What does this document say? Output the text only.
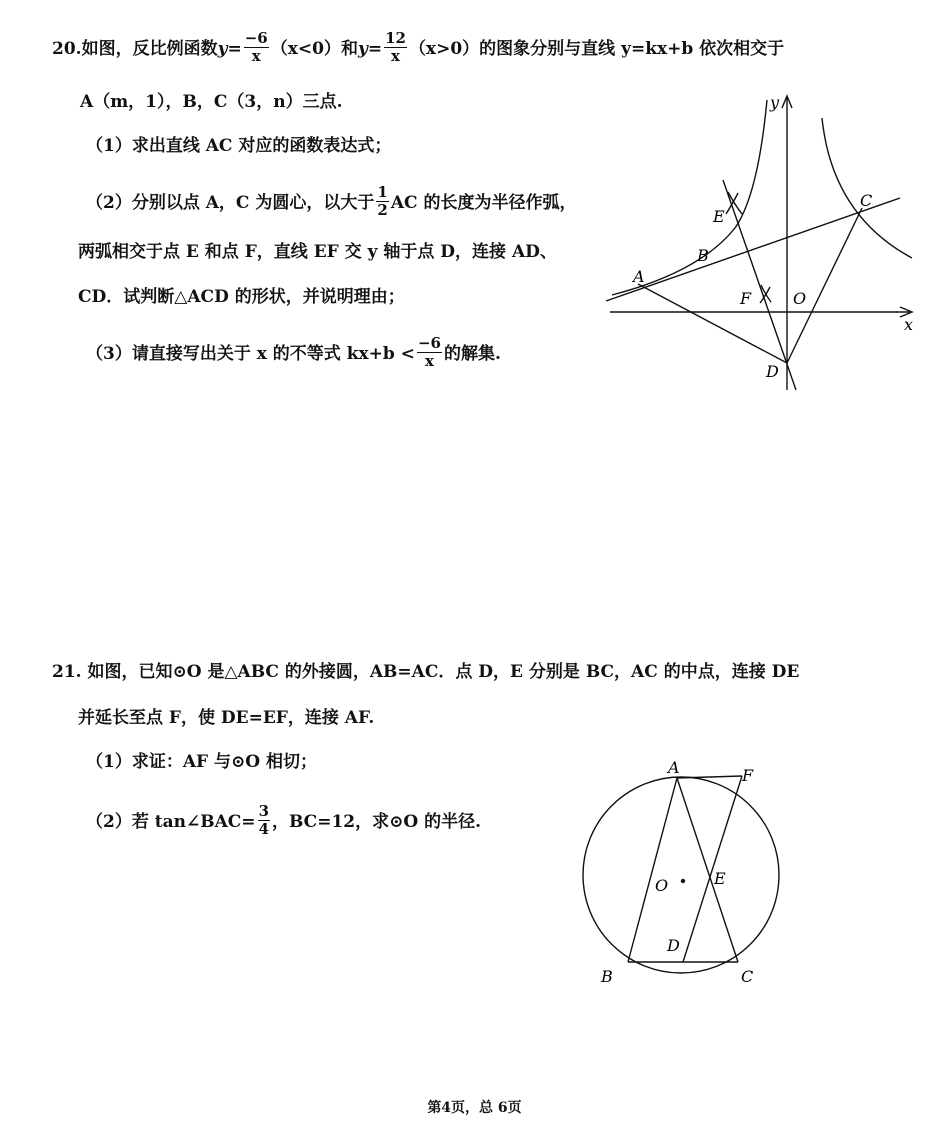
20.如图，反比例函数$y= \frac{-6}{x} (x<0)$和$y= \frac{12}{x} (x>0)$的图象分别与直线 y=kx+b 依次相交于
A（m，1），B，C（3，n）三点.
（1）求出直线 AC 对应的函数表达式；
（2）分别以点 A，C 为圆心，以大于 $\frac{1}{2}$ AC 的长度为半径作弧，
两弧相交于点 E 和点 F，直线 EF 交 y 轴于点 D，连接 AD、
CD．试判断△ACD 的形状，并说明理由；
（3）请直接写出关于 x 的不等式 $kx+b < \frac{-6}{x}$ 的解集.
y
x
E
C
B
A
F	O
D
21. 如图，已知⊙O 是△ABC 的外接圆，AB=AC．点 D，E 分别是 BC，AC 的中点，连接 DE
并延长至点 F，使 DE=EF，连接 AF.
（1）求证：AF 与⊙O 相切；
（2）若 tan∠BAC= $\frac{3}{4}$ ，BC=12，求⊙O 的半径.
A	F
O	E
D
B	C
第4页，总 6页
